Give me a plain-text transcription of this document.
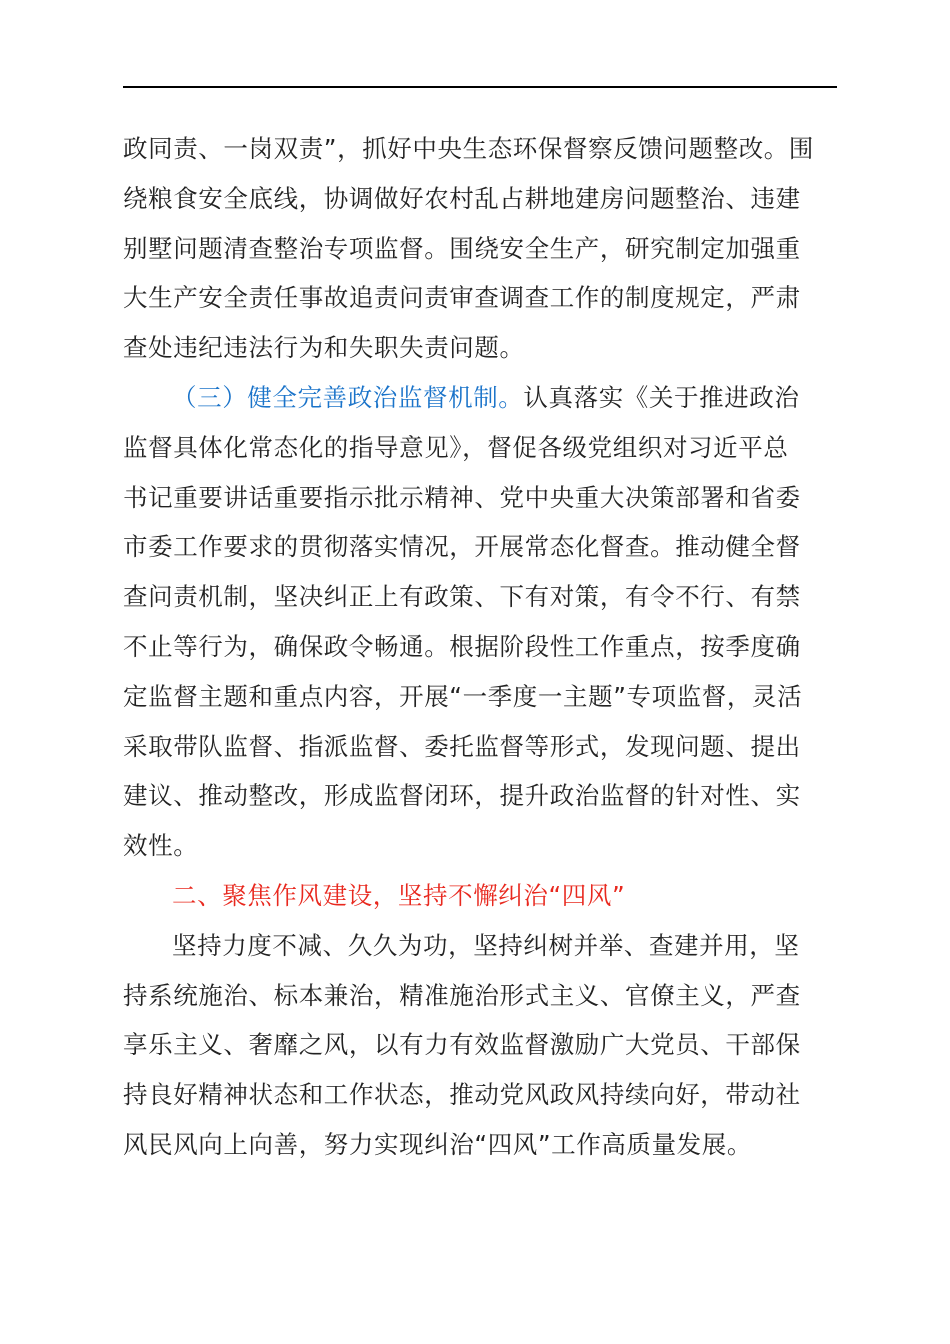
政同责、一岗双责”，抓好中央生态环保督察反馈问题整改。围
绕粮食安全底线，协调做好农村乱占耕地建房问题整治、违建
别墅问题清查整治专项监督。围绕安全生产，研究制定加强重
大生产安全责任事故追责问责审查调查工作的制度规定，严肃
查处违纪违法行为和失职失责问题。

（三）健全完善政治监督机制。认真落实《关于推进政治
监督具体化常态化的指导意见》，督促各级党组织对习近平总
书记重要讲话重要指示批示精神、党中央重大决策部署和省委
市委工作要求的贯彻落实情况，开展常态化督查。推动健全督
查问责机制，坚决纠正上有政策、下有对策，有令不行、有禁
不止等行为，确保政令畅通。根据阶段性工作重点，按季度确
定监督主题和重点内容，开展“一季度一主题”专项监督，灵活
采取带队监督、指派监督、委托监督等形式，发现问题、提出
建议、推动整改，形成监督闭环，提升政治监督的针对性、实
效性。

二、聚焦作风建设，坚持不懈纠治“四风”

坚持力度不减、久久为功，坚持纠树并举、查建并用，坚
持系统施治、标本兼治，精准施治形式主义、官僚主义，严查
享乐主义、奢靡之风，以有力有效监督激励广大党员、干部保
持良好精神状态和工作状态，推动党风政风持续向好，带动社
风民风向上向善，努力实现纠治“四风”工作高质量发展。
